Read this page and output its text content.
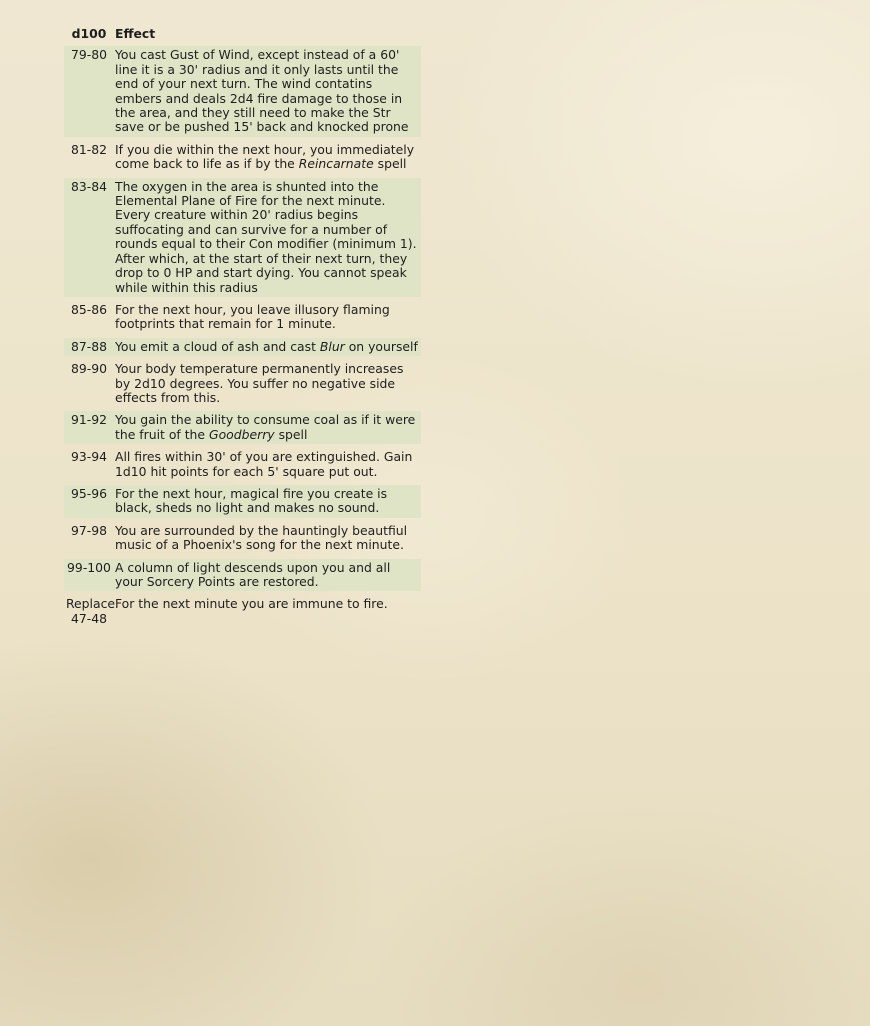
d100 Effect
79-80 You cast Gust of Wind, except instead of a 60' line it is a 30' radius and it only lasts until the end of your next turn. The wind contatins embers and deals 2d4 fire damage to those in the area, and they still need to make the Str save or be pushed 15' back and knocked prone
81-82 If you die within the next hour, you immediately come back to life as if by the Reincarnate spell
83-84 The oxygen in the area is shunted into the Elemental Plane of Fire for the next minute. Every creature within 20' radius begins suffocating and can survive for a number of rounds equal to their Con modifier (minimum 1). After which, at the start of their next turn, they drop to 0 HP and start dying. You cannot speak while within this radius
85-86 For the next hour, you leave illusory flaming footprints that remain for 1 minute.
87-88 You emit a cloud of ash and cast Blur on yourself
89-90 Your body temperature permanently increases by 2d10 degrees. You suffer no negative side effects from this.
91-92 You gain the ability to consume coal as if it were the fruit of the Goodberry spell
93-94 All fires within 30' of you are extinguished. Gain 1d10 hit points for each 5' square put out.
95-96 For the next hour, magical fire you create is black, sheds no light and makes no sound.
97-98 You are surrounded by the hauntingly beautfiul music of a Phoenix's song for the next minute.
99-100 A column of light descends upon you and all your Sorcery Points are restored.
Replace
47-48
For the next minute you are immune to fire.
